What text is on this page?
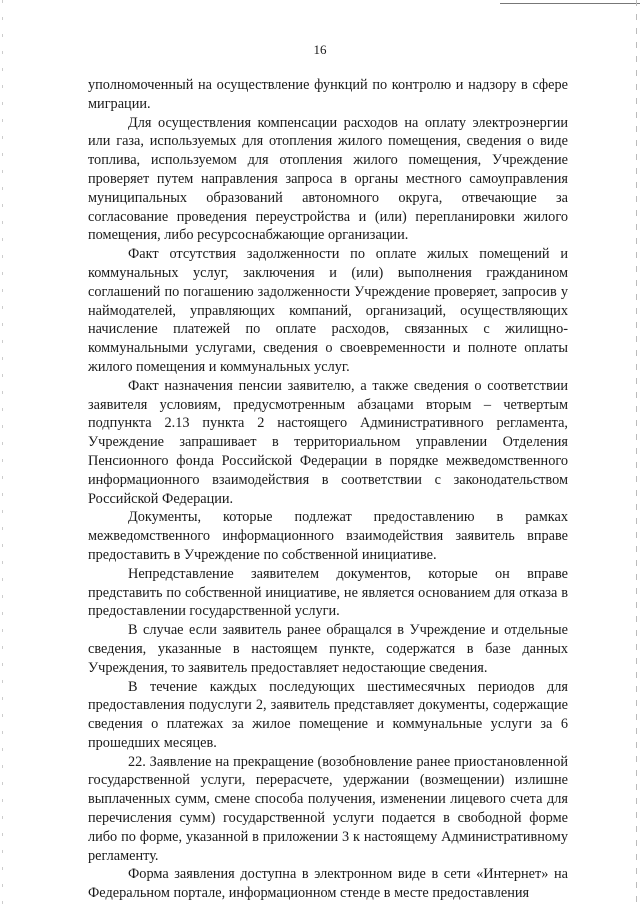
16

уполномоченный на осуществление функций по контролю и надзору в сфере миграции.

Для осуществления компенсации расходов на оплату электроэнергии или газа, используемых для отопления жилого помещения, сведения о виде топлива, используемом для отопления жилого помещения, Учреждение проверяет путем направления запроса в органы местного самоуправления муниципальных образований автономного округа, отвечающие за согласование проведения переустройства и (или) перепланировки жилого помещения, либо ресурсоснабжающие организации.

Факт отсутствия задолженности по оплате жилых помещений и коммунальных услуг, заключения и (или) выполнения гражданином соглашений по погашению задолженности Учреждение проверяет, запросив у наймодателей, управляющих компаний, организаций, осуществляющих начисление платежей по оплате расходов, связанных с жилищно-коммунальными услугами, сведения о своевременности и полноте оплаты жилого помещения и коммунальных услуг.

Факт назначения пенсии заявителю, а также сведения о соответствии заявителя условиям, предусмотренным абзацами вторым – четвертым подпункта 2.13 пункта 2 настоящего Административного регламента, Учреждение запрашивает в территориальном управлении Отделения Пенсионного фонда Российской Федерации в порядке межведомственного информационного взаимодействия в соответствии с законодательством Российской Федерации.

Документы, которые подлежат предоставлению в рамках межведомственного информационного взаимодействия заявитель вправе предоставить в Учреждение по собственной инициативе.

Непредставление заявителем документов, которые он вправе представить по собственной инициативе, не является основанием для отказа в предоставлении государственной услуги.

В случае если заявитель ранее обращался в Учреждение и отдельные сведения, указанные в настоящем пункте, содержатся в базе данных Учреждения, то заявитель предоставляет недостающие сведения.

В течение каждых последующих шестимесячных периодов для предоставления подуслуги 2, заявитель представляет документы, содержащие сведения о платежах за жилое помещение и коммунальные услуги за 6 прошедших месяцев.

22. Заявление на прекращение (возобновление ранее приостановленной государственной услуги, перерасчете, удержании (возмещении) излишне выплаченных сумм, смене способа получения, изменении лицевого счета для перечисления сумм) государственной услуги подается в свободной форме либо по форме, указанной в приложении 3 к настоящему Административному регламенту.

Форма заявления доступна в электронном виде в сети «Интернет» на Федеральном портале, информационном стенде в месте предоставления
